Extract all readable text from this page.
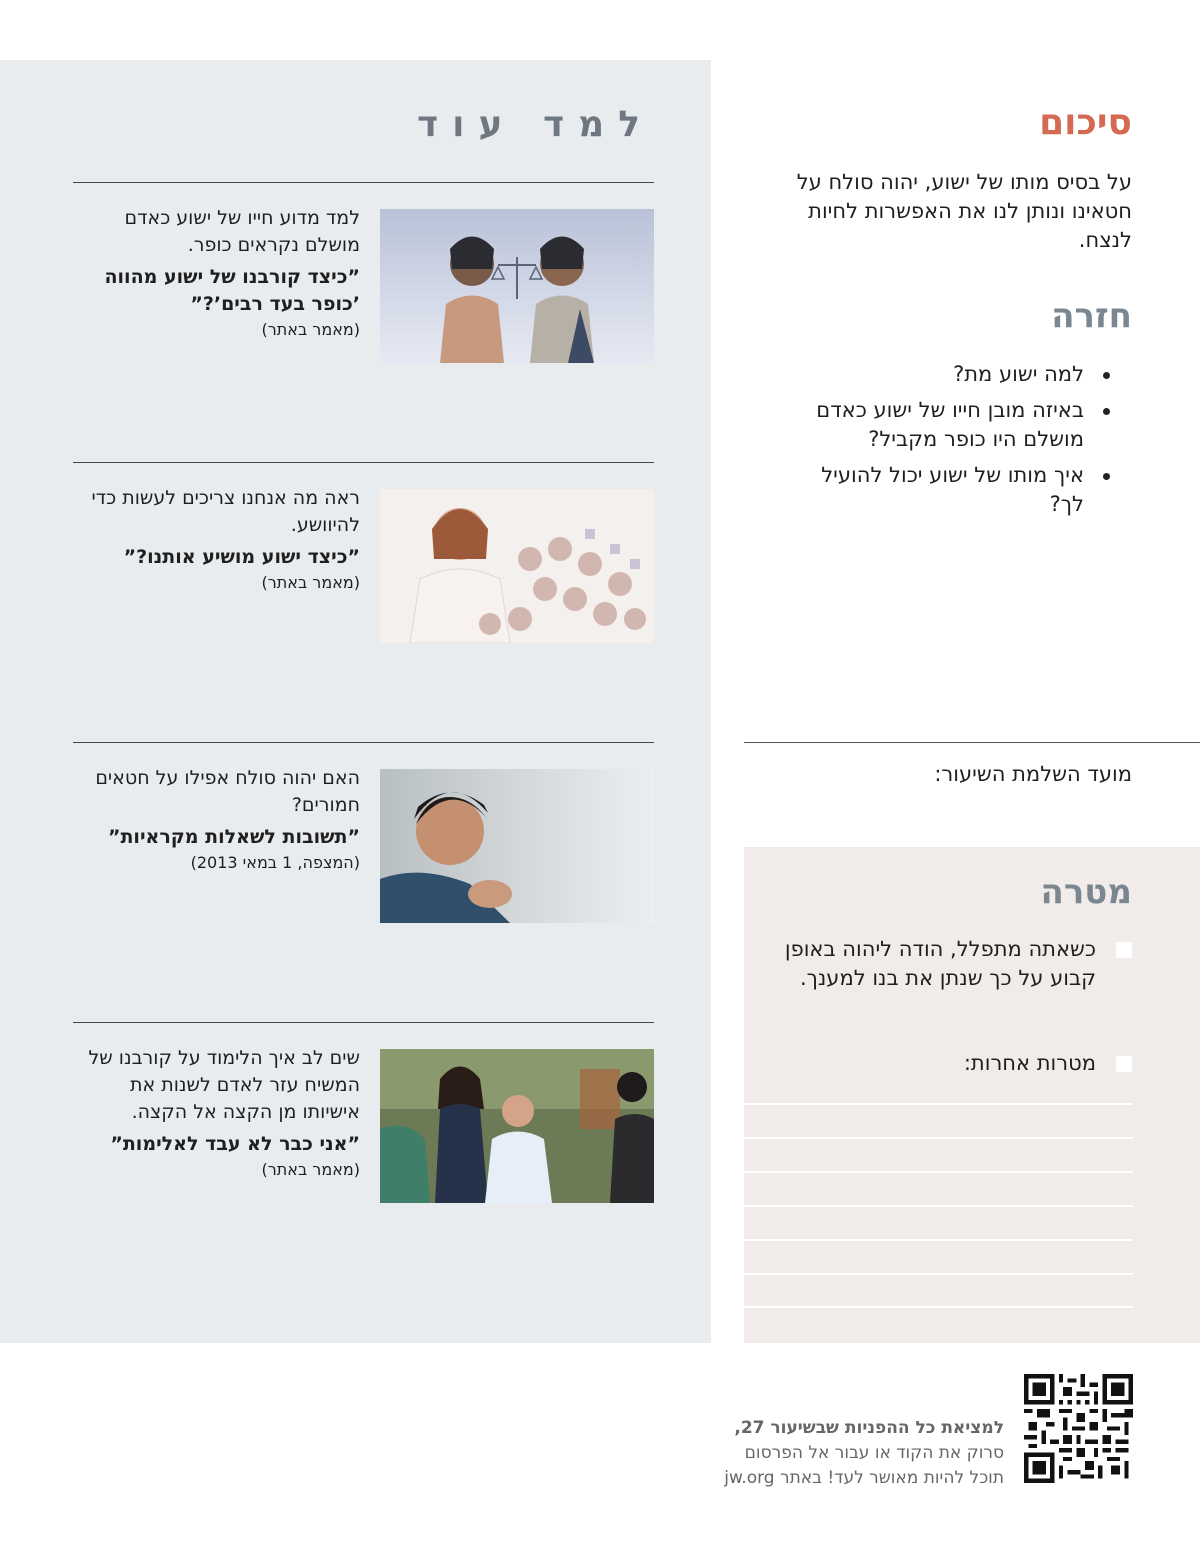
למד עוד
למד מדוע חייו של ישוע כאדם מושלם נקראים כופר.
”כיצד קורבנו של ישוע מהווה ’כופר בעד רבים’?”
(מאמר באתר)
ראה מה אנחנו צריכים לעשות כדי להיוושע.
”כיצד ישוע מושיע אותנו?”
(מאמר באתר)
האם יהוה סולח אפילו על חטאים חמורים?
”תשובות לשאלות מקראיות”
(המצפה, 1 במאי 2013)
שים לב איך הלימוד על קורבנו של המשיח עזר לאדם לשנות את אישיותו מן הקצה אל הקצה.
”אני כבר לא עבד לאלימות”
(מאמר באתר)
סיכום
על בסיס מותו של ישוע, יהוה סולח על חטאינו ונותן לנו את האפשרות לחיות לנצח.
חזרה
למה ישוע מת?
באיזה מובן חייו של ישוע כאדם מושלם היו כופר מקביל?
איך מותו של ישוע יכול להועיל לך?
מועד השלמת השיעור:
מטרה
כשאתה מתפלל, הודה ליהוה באופן קבוע על כך שנתן את בנו למענך.
מטרות אחרות:
למציאת כל ההפניות שבשיעור 27,
סרוק את הקוד או עבור אל הפרסום
תוכל להיות מאושר לעד! באתר jw.org
